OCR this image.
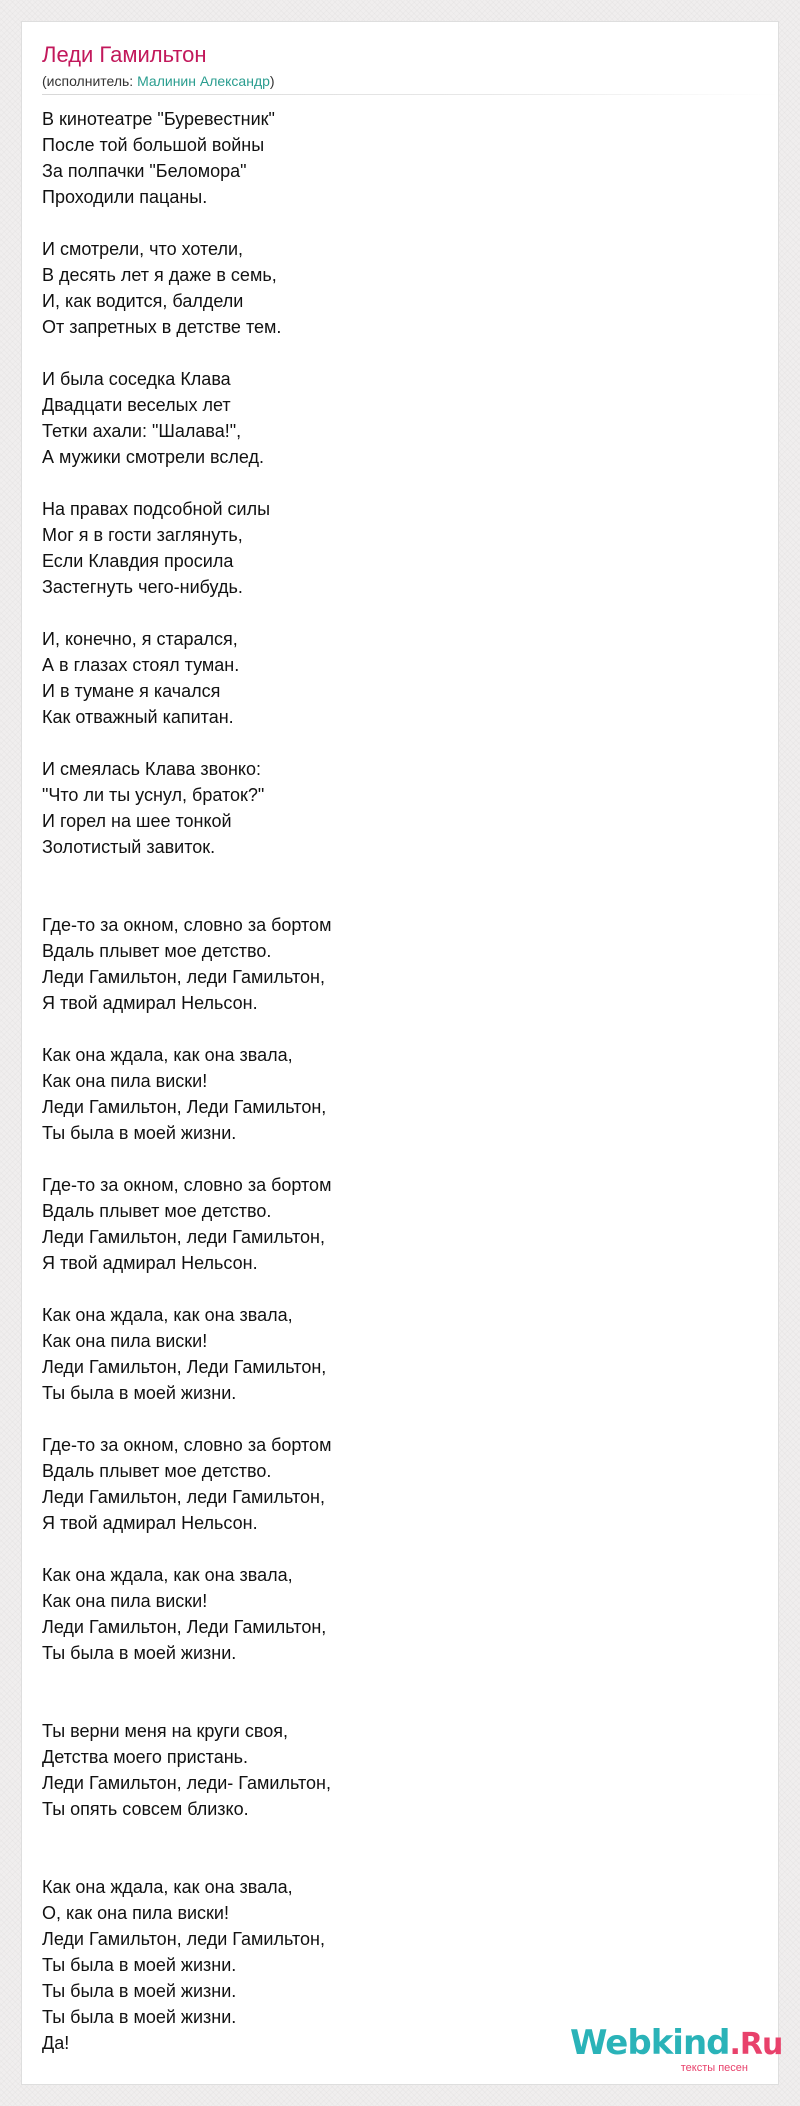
Леди Гамильтон
(исполнитель: Малинин Александр)
В кинотеатре "Буревестник"
После той большой войны
За полпачки "Беломора"
Проходили пацаны.
И смотрели, что хотели,
В десять лет я даже в семь,
И, как водится, балдели
От запретных в детстве тем.
И была соседка Клава
Двадцати веселых лет
Тетки ахали: "Шалава!",
А мужики смотрели вслед.
На правах подсобной силы
Мог я в гости заглянуть,
Если Клавдия просила
Застегнуть чего-нибудь.
И, конечно, я старался,
А в глазах стоял туман.
И в тумане я качался
Как отважный капитан.
И смеялась Клава звонко:
"Что ли ты уснул, браток?"
И горел на шее тонкой
Золотистый завиток.
Где-то за окном, словно за бортом
Вдаль плывет мое детство.
Леди Гамильтон, леди Гамильтон,
Я твой адмирал Нельсон.
Как она ждала, как она звала,
Как она пила виски!
Леди Гамильтон, Леди Гамильтон,
Ты была в моей жизни.
Где-то за окном, словно за бортом
Вдаль плывет мое детство.
Леди Гамильтон, леди Гамильтон,
Я твой адмирал Нельсон.
Как она ждала, как она звала,
Как она пила виски!
Леди Гамильтон, Леди Гамильтон,
Ты была в моей жизни.
Где-то за окном, словно за бортом
Вдаль плывет мое детство.
Леди Гамильтон, леди Гамильтон,
Я твой адмирал Нельсон.
Как она ждала, как она звала,
Как она пила виски!
Леди Гамильтон, Леди Гамильтон,
Ты была в моей жизни.
Ты верни меня на круги своя,
Детства моего пристань.
Леди Гамильтон, леди- Гамильтон,
Ты опять совсем близко.
Как она ждала, как она звала,
О, как она пила виски!
Леди Гамильтон, леди Гамильтон,
Ты была в моей жизни.
Ты была в моей жизни.
Ты была в моей жизни.
Да!	Webkind.Ru
тексты песен
